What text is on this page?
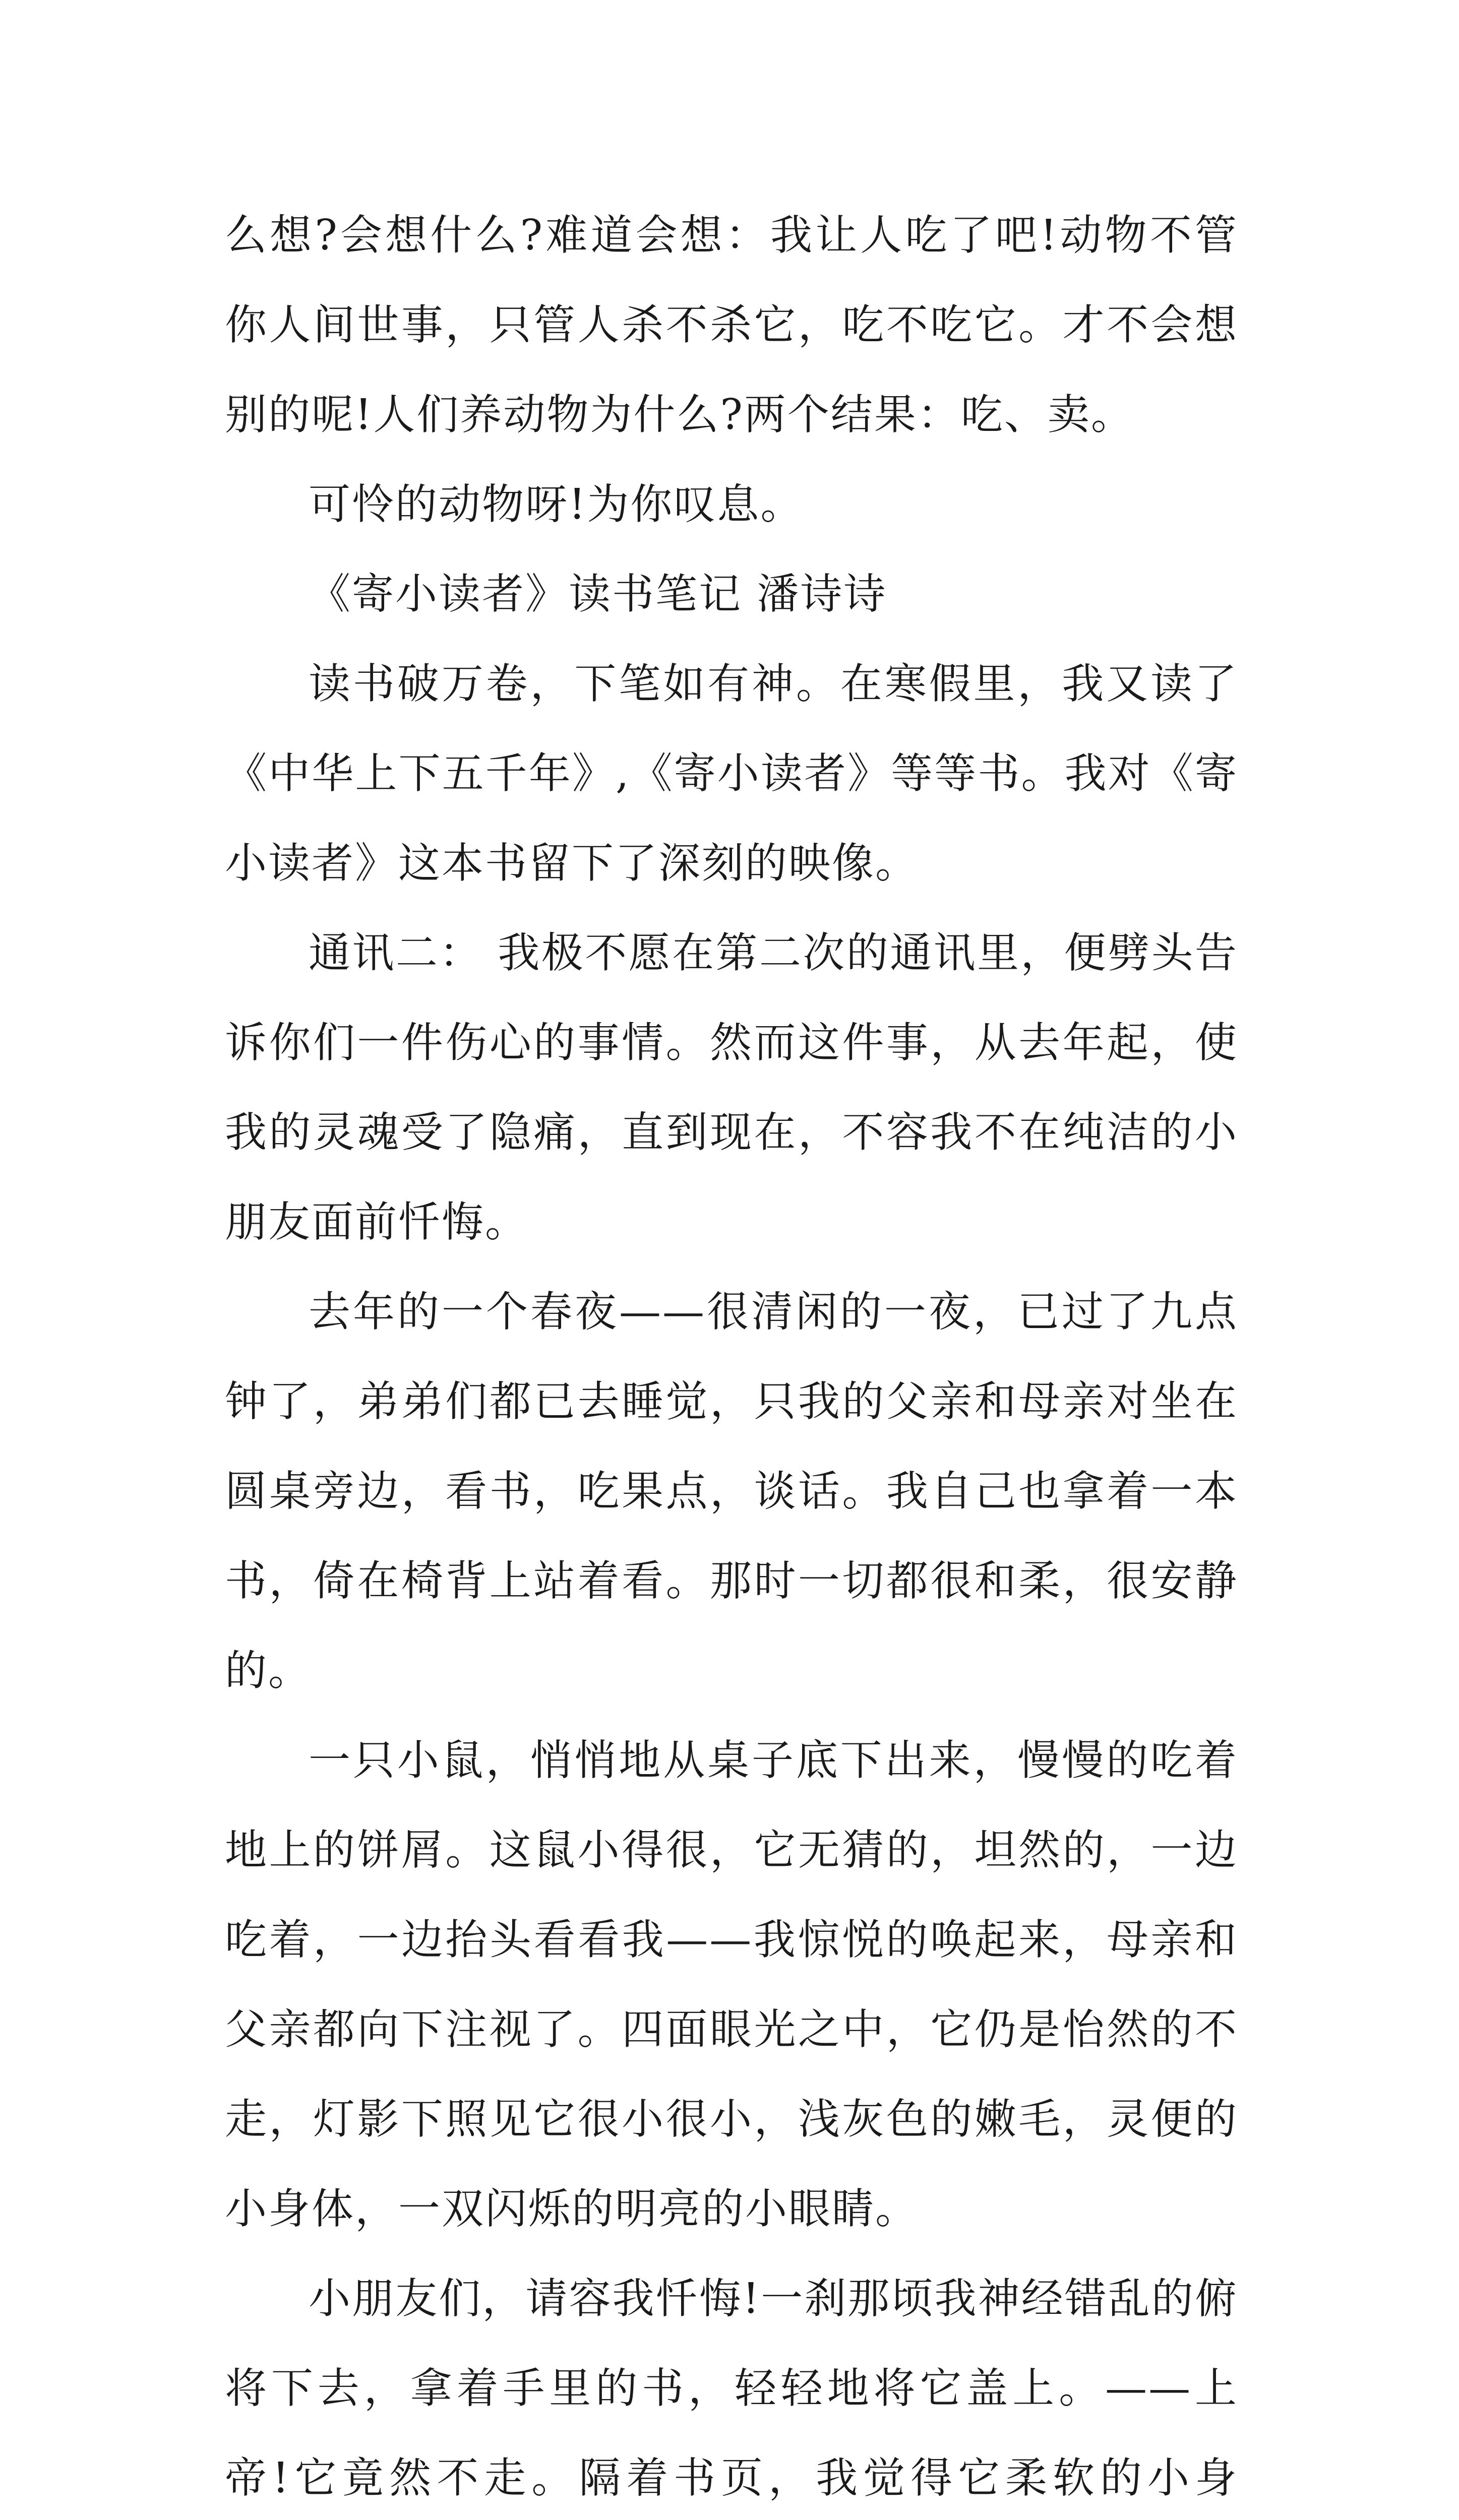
么想?会想什么?难道会想：我让人吃了吧!动物不管你人间世事，只管人杀不杀它，吃不吃它。才不会想别的呢!人们养动物为什么?两个结果：吃、卖。

可怜的动物呀!为你叹息。

《寄小读者》读书笔记 潘诗诗

读书破万卷，下笔如有神。在寒假里，我又读了《中华上下五千年》,《寄小读者》等等书。我对《寄小读者》这本书留下了深刻的映像。

通讯二： 我极不愿在第二次的通讯里，便劈头告诉你们一件伤心的事情。然而这件事，从去年起，使我的灵魂受了隐痛，直到现在，不容我不在纯洁的小朋友面前忏悔。

去年的一个春夜——很清闲的一夜，已过了九点钟了，弟弟们都已去睡觉，只我的父亲和母亲对坐在圆桌旁边，看书，吃果点，谈话。我自己也拿着一本书，倚在椅背上站着看。那时一切都很和柔，很安静的。

一只小鼠，悄悄地从桌子底下出来，慢慢的吃着地上的饼屑。这鼠小得很，它无猜的，坦然的，一边吃着，一边抬头看看我——我惊悦的唤起来，母亲和父亲都向下注视了。四面眼光之中，它仍是怡然的不走，灯影下照见它很小很小，浅灰色的嫩毛，灵便的小身体，一双闪烁的明亮的小眼睛。

小朋友们，请容我忏悔!一刹那顷我神经错乱的俯将下去，拿着手里的书，轻轻地将它盖上。——上帝!它竟然不走。隔着书页，我觉得它柔软的小身
